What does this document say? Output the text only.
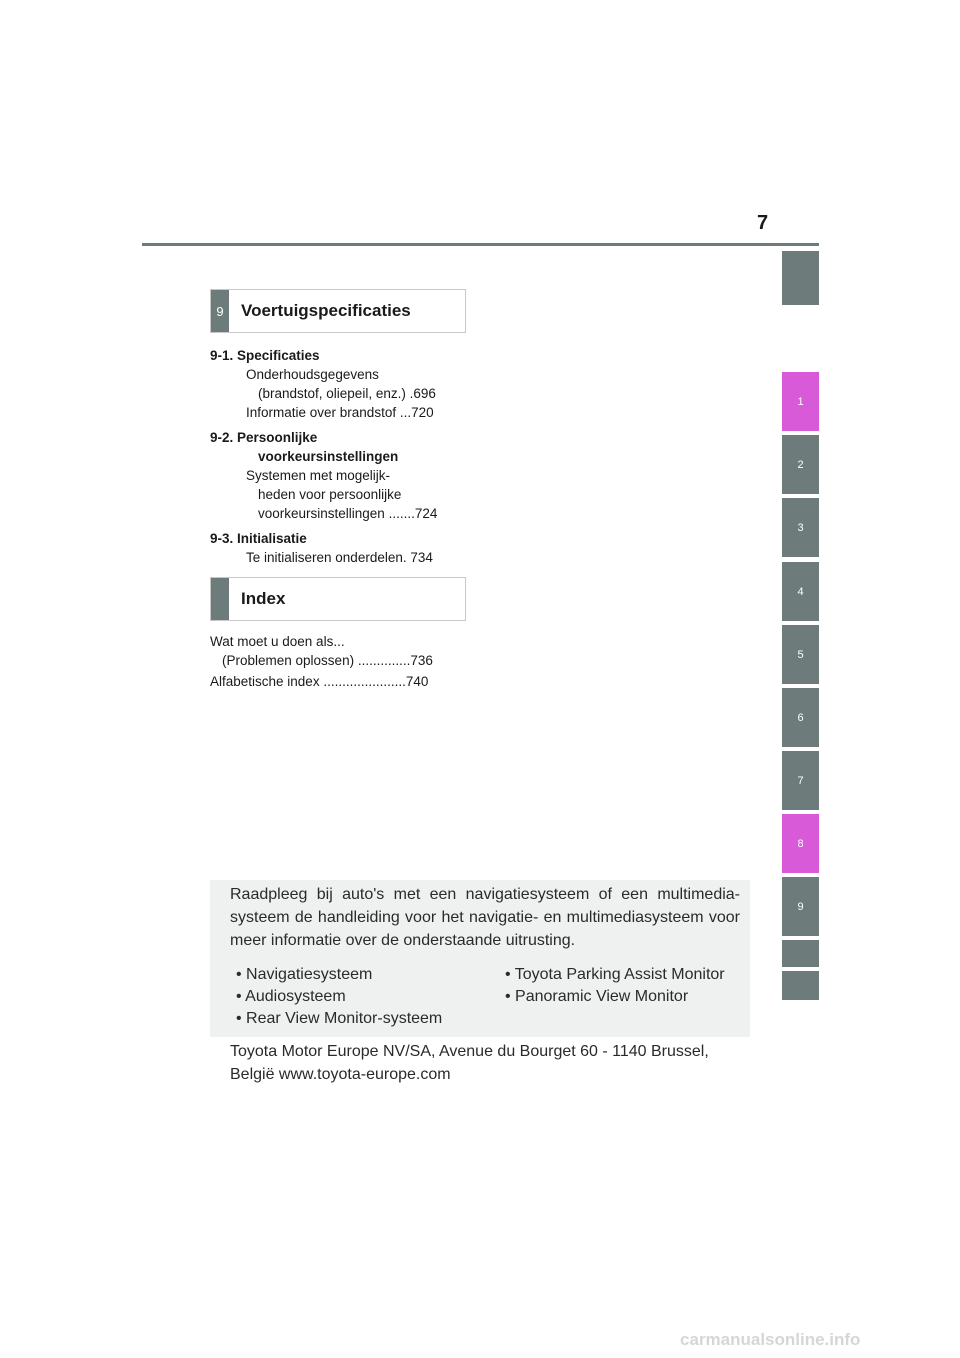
7
1
2
3
4
5
6
7
8
9
9	Voertuigspecificaties
9-1. Specificaties
Onderhoudsgegevens
(brandstof, oliepeil, enz.) .696
Informatie over brandstof ...720
9-2. Persoonlijke
voorkeursinstellingen
Systemen met mogelijk-
heden voor persoonlijke
voorkeursinstellingen .......724
9-3. Initialisatie
Te initialiseren onderdelen. 734
Index
Wat moet u doen als...
(Problemen oplossen) ..............736
Alfabetische index ......................740
Raadpleeg bij auto's met een navigatiesysteem of een multimedia-systeem de handleiding voor het navigatie- en multimediasysteem voor meer informatie over de onderstaande uitrusting.
• Navigatiesysteem
• Audiosysteem
• Rear View Monitor-systeem
• Toyota Parking Assist Monitor
• Panoramic View Monitor
Toyota Motor Europe NV/SA, Avenue du Bourget 60 - 1140 Brussel, België www.toyota-europe.com
carmanualsonline.info
